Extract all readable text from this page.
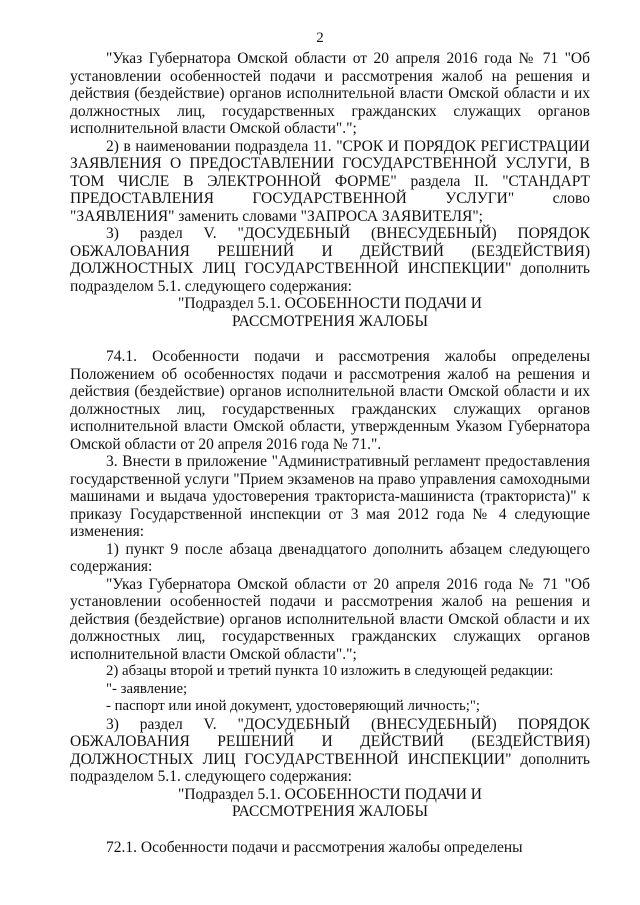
2

"Указ Губернатора Омской области от 20 апреля 2016 года № 71 "Об установлении особенностей подачи и рассмотрения жалоб на решения и действия (бездействие) органов исполнительной власти Омской области и их должностных лиц, государственных гражданских служащих органов исполнительной власти Омской области".";

2) в наименовании подраздела 11. "СРОК И ПОРЯДОК РЕГИСТРАЦИИ ЗАЯВЛЕНИЯ О ПРЕДОСТАВЛЕНИИ ГОСУДАРСТВЕННОЙ УСЛУГИ, В ТОМ ЧИСЛЕ В ЭЛЕКТРОННОЙ ФОРМЕ" раздела II. "СТАНДАРТ ПРЕДОСТАВЛЕНИЯ ГОСУДАРСТВЕННОЙ УСЛУГИ" слово "ЗАЯВЛЕНИЯ" заменить словами "ЗАПРОСА ЗАЯВИТЕЛЯ";

3) раздел V. "ДОСУДЕБНЫЙ (ВНЕСУДЕБНЫЙ) ПОРЯДОК ОБЖАЛОВАНИЯ РЕШЕНИЙ И ДЕЙСТВИЙ (БЕЗДЕЙСТВИЯ) ДОЛЖНОСТНЫХ ЛИЦ ГОСУДАРСТВЕННОЙ ИНСПЕКЦИИ" дополнить подразделом 5.1. следующего содержания:

"Подраздел 5.1. ОСОБЕННОСТИ ПОДАЧИ И

РАССМОТРЕНИЯ ЖАЛОБЫ

74.1. Особенности подачи и рассмотрения жалобы определены Положением об особенностях подачи и рассмотрения жалоб на решения и действия (бездействие) органов исполнительной власти Омской области и их должностных лиц, государственных гражданских служащих органов исполнительной власти Омской области, утвержденным Указом Губернатора Омской области от 20 апреля 2016 года № 71.".

3. Внести в приложение "Административный регламент предоставления государственной услуги "Прием экзаменов на право управления самоходными машинами и выдача удостоверения тракториста-машиниста (тракториста)" к приказу Государственной инспекции от 3 мая 2012 года № 4 следующие изменения:

1) пункт 9 после абзаца двенадцатого дополнить абзацем следующего содержания:

"Указ Губернатора Омской области от 20 апреля 2016 года № 71 "Об установлении особенностей подачи и рассмотрения жалоб на решения и действия (бездействие) органов исполнительной власти Омской области и их должностных лиц, государственных гражданских служащих органов исполнительной власти Омской области".";

2) абзацы второй и третий пункта 10 изложить в следующей редакции:

"- заявление;

- паспорт или иной документ, удостоверяющий личность;";

3) раздел V. "ДОСУДЕБНЫЙ (ВНЕСУДЕБНЫЙ) ПОРЯДОК ОБЖАЛОВАНИЯ РЕШЕНИЙ И ДЕЙСТВИЙ (БЕЗДЕЙСТВИЯ) ДОЛЖНОСТНЫХ ЛИЦ ГОСУДАРСТВЕННОЙ ИНСПЕКЦИИ" дополнить подразделом 5.1. следующего содержания:

"Подраздел 5.1. ОСОБЕННОСТИ ПОДАЧИ И

РАССМОТРЕНИЯ ЖАЛОБЫ

72.1. Особенности подачи и рассмотрения жалобы определены
